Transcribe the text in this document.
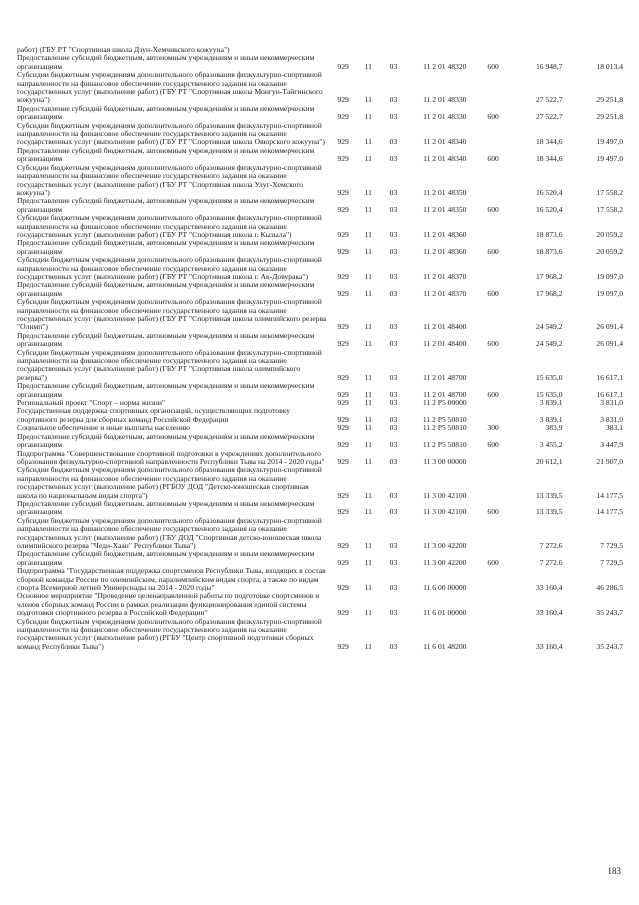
работ) (ГБУ РТ "Спортивная школа Дзун-Хемчикского кожууна")							
Предоставление субсидий бюджетным, автономным учреждениям и иным некоммерческим организациям	929	11	03	11 2 01 48320	600	16 948,7	18 013,4
Субсидии бюджетным учреждениям дополнительного образования физкультурно-спортивной направленности на финансовое обеспечение государственного задания на оказание государственных услуг (выполнение работ) (ГБУ РТ "Спортивная школа Монгун-Тайгинского кожууна")	929	11	03	11 2 01 48330		27 522,7	29 251,8
Предоставление субсидий бюджетным, автономным учреждениям и иным некоммерческим организациям	929	11	03	11 2 01 48330	600	27 522,7	29 251,8
Субсидии бюджетным учреждениям дополнительного образования физкультурно-спортивной направленности на финансовое обеспечение государственного задания на оказание государственных услуг (выполнение работ) (ГБУ РТ "Спортивная школа Овюрского кожууна")	929	11	03	11 2 01 48340		18 344,6	19 497,0
Предоставление субсидий бюджетным, автономным учреждениям и иным некоммерческим организациям	929	11	03	11 2 01 48340	600	18 344,6	19 497,0
Субсидии бюджетным учреждениям дополнительного образования физкультурно-спортивной направленности на финансовое обеспечение государственного задания на оказание государственных услуг (выполнение работ) (ГБУ РТ "Спортивная школа Улуг-Хемского кожууна")	929	11	03	11 2 01 48350		16 520,4	17 558,2
Предоставление субсидий бюджетным, автономным учреждениям и иным некоммерческим организациям	929	11	03	11 2 01 48350	600	16 520,4	17 558,2
Субсидии бюджетным учреждениям дополнительного образования физкультурно-спортивной направленности на финансовое обеспечение государственного задания на оказание государственных услуг (выполнение работ) (ГБУ РТ "Спортивная школа г. Кызыла")	929	11	03	11 2 01 48360		18 873,6	20 059,2
Предоставление субсидий бюджетным, автономным учреждениям и иным некоммерческим организациям	929	11	03	11 2 01 48360	600	18 873,6	20 059,2
Субсидии бюджетным учреждениям дополнительного образования физкультурно-спортивной направленности на финансовое обеспечение государственного задания на оказание государственных услуг (выполнение работ) (ГБУ РТ "Спортивная школа г. Ак-Довурака")	929	11	03	11 2 01 48370		17 968,2	19 097,0
Предоставление субсидий бюджетным, автономным учреждениям и иным некоммерческим организациям	929	11	03	11 2 01 48370	600	17 968,2	19 097,0
Субсидии бюджетным учреждениям дополнительного образования физкультурно-спортивной направленности на финансовое обеспечение государственного задания на оказание государственных услуг (выполнение работ) (ГБУ РТ "Спортивная школа олимпийского резерва "Олимп")	929	11	03	11 2 01 48400		24 549,2	26 091,4
Предоставление субсидий бюджетным, автономным учреждениям и иным некоммерческим организациям	929	11	03	11 2 01 48400	600	24 549,2	26 091,4
Субсидии бюджетным учреждениям дополнительного образования физкультурно-спортивной направленности на финансовое обеспечение государственного задания на оказание государственных услуг (выполнение работ) (ГБУ РТ "Спортивная школа олимпийского резерва")	929	11	03	11 2 01 48700		15 635,0	16 617,1
Предоставление субсидий бюджетным, автономным учреждениям и иным некоммерческим организациям	929	11	03	11 2 01 48700	600	15 635,0	16 617,1
Региональный проект "Спорт – норма жизни"	929	11	03	11 2 Р5 00000		3 839,1	3 831,0
Государственная поддержка спортивных организаций, осуществляющих подготовку спортивного резерва для сборных команд Российской Федерации	929	11	03	11 2 Р5 50810		3 839,1	3 831,0
Социальное обеспечение и иные выплаты населению	929	11	03	11 2 Р5 50810	300	383,9	383,1
Предоставление субсидий бюджетным, автономным учреждениям и иным некоммерческим организациям	929	11	03	11 2 Р5 50810	600	3 455,2	3 447,9
Подпрограмма "Совершенствование спортивной подготовки в учреждениях дополнительного образования физкультурно-спортивной направленности Республики Тыва на 2014 - 2020 годы"	929	11	03	11 3 00 00000		20 612,1	21 907,0
Субсидии бюджетным учреждениям дополнительного образования физкультурно-спортивной направленности на финансовое обеспечение государственного задания на оказание государственных услуг (выполнение работ) (РГБОУ ДОД "Детско-юношеская спортивная школа по национальным видам спорта")	929	11	03	11 3 00 42100		13 339,5	14 177,5
Предоставление субсидий бюджетным, автономным учреждениям и иным некоммерческим организациям	929	11	03	11 3 00 42100	600	13 339,5	14 177,5
Субсидии бюджетным учреждениям дополнительного образования физкультурно-спортивной направленности на финансовое обеспечение государственного задания на оказание государственных услуг (выполнение работ) (ГБУ ДОД "Спортивная детско-юношеская школа олимпийского резерва "Чеди-Хаан" Республики Тыва")	929	11	03	11 3 00 42200		7 272,6	7 729,5
Предоставление субсидий бюджетным, автономным учреждениям и иным некоммерческим организациям	929	11	03	11 3 00 42200	600	7 272,6	7 729,5
Подпрограмма "Государственная поддержка спортсменов Республики Тыва, входящих в состав сборной команды России по олимпийским, паралимпийским видам спорта, а также по видам спорта Всемирной летней Универсиады на 2014 - 2020 годы"	929	11	03	11 6 00 00000		33 160,4	46 286,5
Основное мероприятие "Проведение целенаправленной работы по подготовке спортсменов и членов сборных команд России в рамках реализации функционирования единой системы подготовки спортивного резерва в Российской Федерации"	929	11	03	11 6 01 00000		33 160,4	35 243,7
Субсидии бюджетным учреждениям дополнительного образования физкультурно-спортивной направленности на финансовое обеспечение государственного задания на оказание государственных услуг (выполнение работ) (РГБУ "Центр спортивной подготовки сборных команд Республики Тыва")	929	11	03	11 6 01 48200		33 160,4	35 243,7
183
